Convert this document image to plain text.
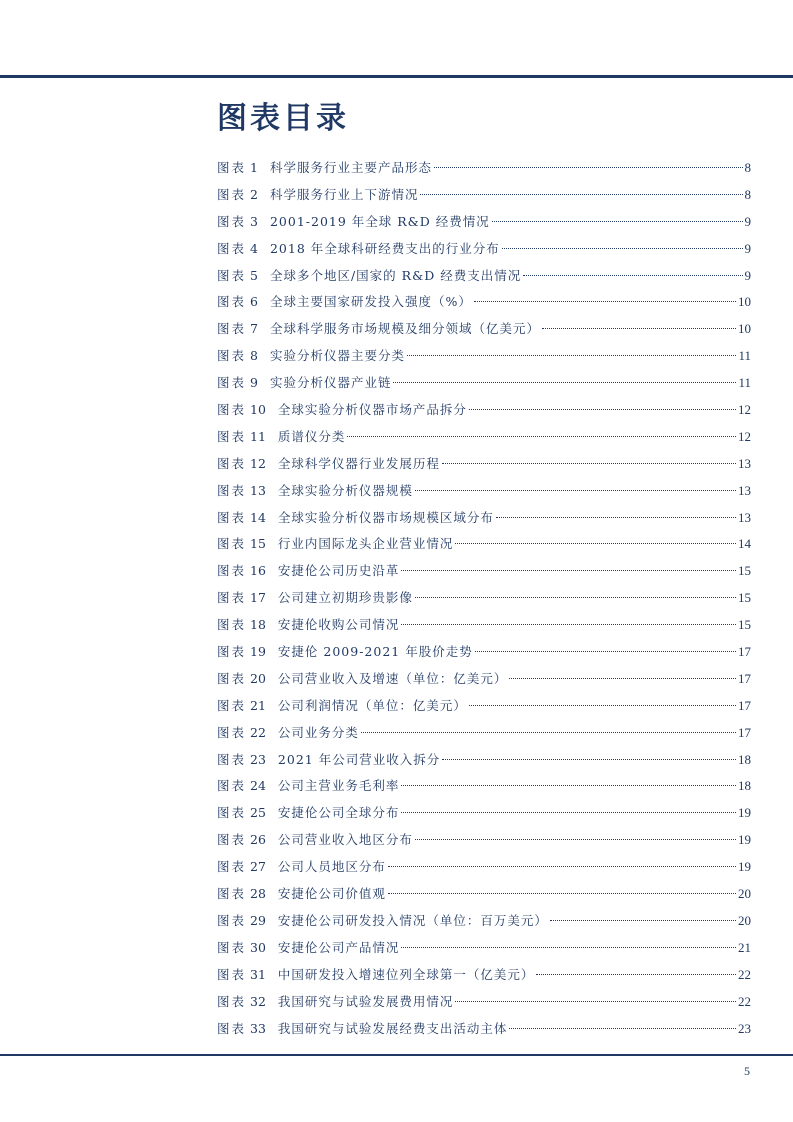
图表目录
图表 1 科学服务行业主要产品形态	8
图表 2 科学服务行业上下游情况	8
图表 3 2001-2019 年全球 R&D 经费情况	9
图表 4 2018 年全球科研经费支出的行业分布	9
图表 5 全球多个地区/国家的 R&D 经费支出情况	9
图表 6 全球主要国家研发投入强度（%）	10
图表 7 全球科学服务市场规模及细分领域（亿美元）	10
图表 8 实验分析仪器主要分类	11
图表 9 实验分析仪器产业链	11
图表 10 全球实验分析仪器市场产品拆分	12
图表 11 质谱仪分类	12
图表 12 全球科学仪器行业发展历程	13
图表 13 全球实验分析仪器规模	13
图表 14 全球实验分析仪器市场规模区域分布	13
图表 15 行业内国际龙头企业营业情况	14
图表 16 安捷伦公司历史沿革	15
图表 17 公司建立初期珍贵影像	15
图表 18 安捷伦收购公司情况	15
图表 19 安捷伦 2009-2021 年股价走势	17
图表 20 公司营业收入及增速（单位：亿美元）	17
图表 21 公司利润情况（单位：亿美元）	17
图表 22 公司业务分类	17
图表 23 2021 年公司营业收入拆分	18
图表 24 公司主营业务毛利率	18
图表 25 安捷伦公司全球分布	19
图表 26 公司营业收入地区分布	19
图表 27 公司人员地区分布	19
图表 28 安捷伦公司价值观	20
图表 29 安捷伦公司研发投入情况（单位：百万美元）	20
图表 30 安捷伦公司产品情况	21
图表 31 中国研发投入增速位列全球第一（亿美元）	22
图表 32 我国研究与试验发展费用情况	22
图表 33 我国研究与试验发展经费支出活动主体	23
5
